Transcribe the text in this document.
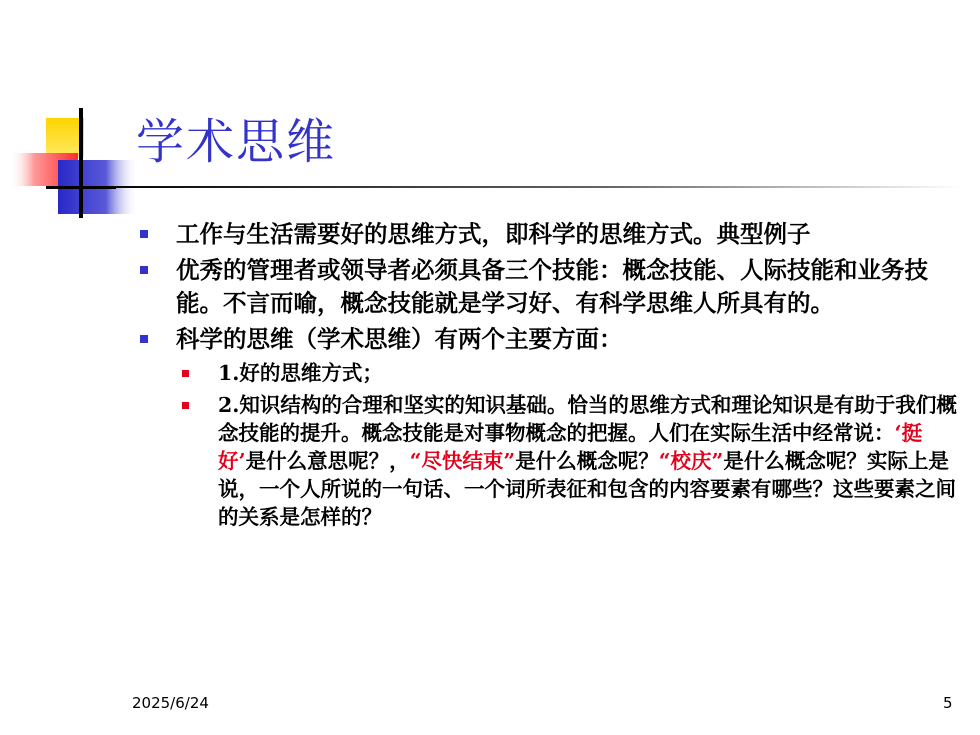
学术思维
工作与生活需要好的思维方式，即科学的思维方式。典型例子
优秀的管理者或领导者必须具备三个技能：概念技能、人际技能和业务技能。不言而喻，概念技能就是学习好、有科学思维人所具有的。
科学的思维（学术思维）有两个主要方面：
1.好的思维方式；
2.知识结构的合理和坚实的知识基础。恰当的思维方式和理论知识是有助于我们概念技能的提升。概念技能是对事物概念的把握。人们在实际生活中经常说：‘挺好’是什么意思呢？，“尽快结束”是什么概念呢？“校庆”是什么概念呢？实际上是说，一个人所说的一句话、一个词所表征和包含的内容要素有哪些？这些要素之间的关系是怎样的？
2025/6/24	5
